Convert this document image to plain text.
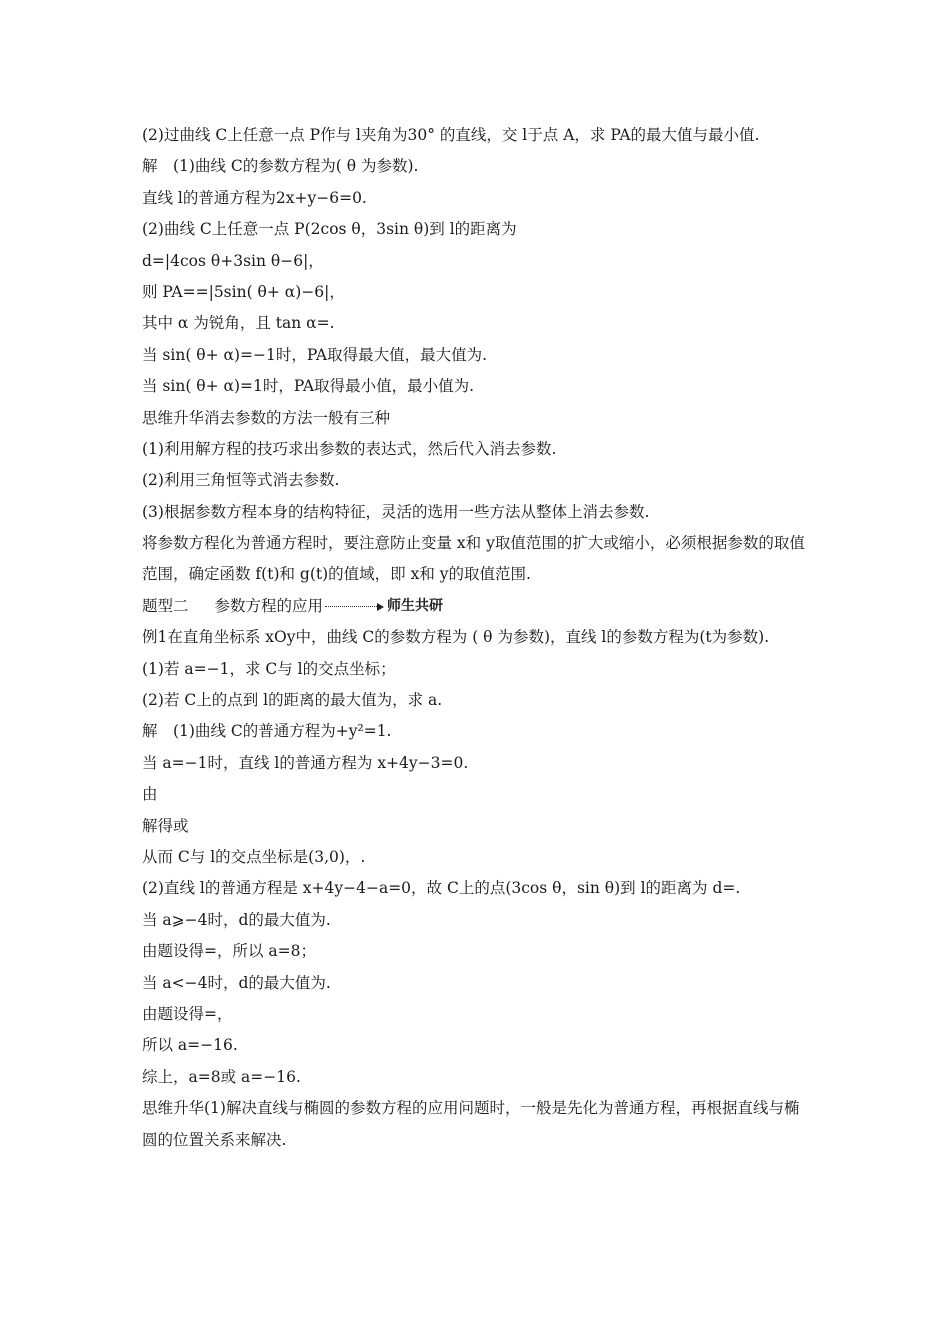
(2)过曲线 C上任意一点 P作与 l夹角为30° 的直线，交 l于点 A，求 PA的最大值与最小值.
解　(1)曲线 C的参数方程为( θ 为参数).
直线 l的普通方程为2x+y−6=0.
(2)曲线 C上任意一点 P(2cos θ，3sin θ)到 l的距离为
d=|4cos θ+3sin θ−6|，
则 PA==|5sin( θ+ α)−6|，
其中 α 为锐角，且 tan α=.
当 sin( θ+ α)=−1时，PA取得最大值，最大值为.
当 sin( θ+ α)=1时，PA取得最小值，最小值为.
思维升华消去参数的方法一般有三种
(1)利用解方程的技巧求出参数的表达式，然后代入消去参数.
(2)利用三角恒等式消去参数.
(3)根据参数方程本身的结构特征，灵活的选用一些方法从整体上消去参数.
将参数方程化为普通方程时，要注意防止变量 x和 y取值范围的扩大或缩小，必须根据参数的取值范围，确定函数 f(t)和 g(t)的值域，即 x和 y的取值范围.
题型二 参数方程的应用	师生共研
例1在直角坐标系 xOy中，曲线 C的参数方程为 ( θ 为参数)，直线 l的参数方程为(t为参数).
(1)若 a=−1，求 C与 l的交点坐标；
(2)若 C上的点到 l的距离的最大值为，求 a.
解　(1)曲线 C的普通方程为+y²=1.
当 a=−1时，直线 l的普通方程为 x+4y−3=0.
由
解得或
从而 C与 l的交点坐标是(3,0)，.
(2)直线 l的普通方程是 x+4y−4−a=0，故 C上的点(3cos θ，sin θ)到 l的距离为 d=.
当 a⩾−4时，d的最大值为.
由题设得=，所以 a=8；
当 a<−4时，d的最大值为.
由题设得=，
所以 a=−16.
综上，a=8或 a=−16.
思维升华(1)解决直线与椭圆的参数方程的应用问题时，一般是先化为普通方程，再根据直线与椭圆的位置关系来解决.
